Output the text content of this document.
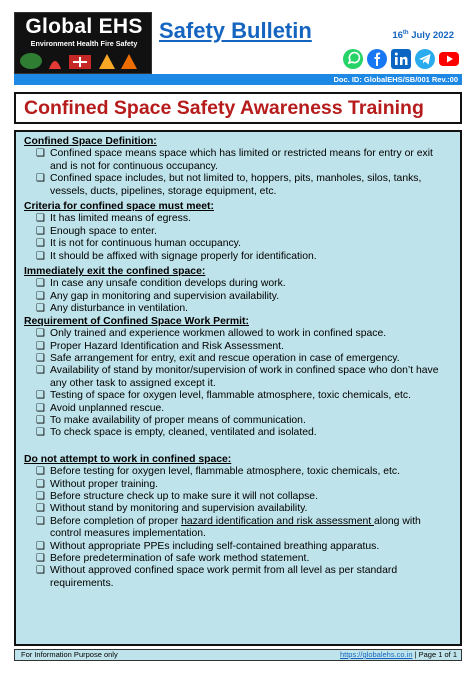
Global EHS
Environment Health Fire Safety
Safety Bulletin	16th July 2022
Doc. ID: GlobalEHS/SB/001 Rev.:00
Confined Space Safety Awareness Training
Confined Space Definition:
❑ Confined space means space which has limited or restricted means for entry or exit and is not for continuous occupancy.
❑ Confined space includes, but not limited to, hoppers, pits, manholes, silos, tanks, vessels, ducts, pipelines, storage equipment, etc.
Criteria for confined space must meet:
❑ It has limited means of egress.
❑ Enough space to enter.
❑ It is not for continuous human occupancy.
❑ It should be affixed with signage properly for identification.
Immediately exit the confined space:
❑ In case any unsafe condition develops during work.
❑ Any gap in monitoring and supervision availability.
❑ Any disturbance in ventilation.
Requirement of Confined Space Work Permit:
❑ Only trained and experience workmen allowed to work in confined space.
❑ Proper Hazard Identification and Risk Assessment.
❑ Safe arrangement for entry, exit and rescue operation in case of emergency.
❑ Availability of stand by monitor/supervision of work in confined space who don’t have any other task to assigned except it.
❑ Testing of space for oxygen level, flammable atmosphere, toxic chemicals, etc.
❑ Avoid unplanned rescue.
❑ To make availability of proper means of communication.
❑ To check space is empty, cleaned, ventilated and isolated.
Do not attempt to work in confined space:
❑ Before testing for oxygen level, flammable atmosphere, toxic chemicals, etc.
❑ Without proper training.
❑ Before structure check up to make sure it will not collapse.
❑ Without stand by monitoring and supervision availability.
❑ Before completion of proper hazard identification and risk assessment along with control measures implementation.
❑ Without appropriate PPEs including self-contained breathing apparatus.
❑ Before predetermination of safe work method statement.
❑ Without approved confined space work permit from all level as per standard requirements.
For Information Purpose only	https://globalehs.co.in | Page 1 of 1
